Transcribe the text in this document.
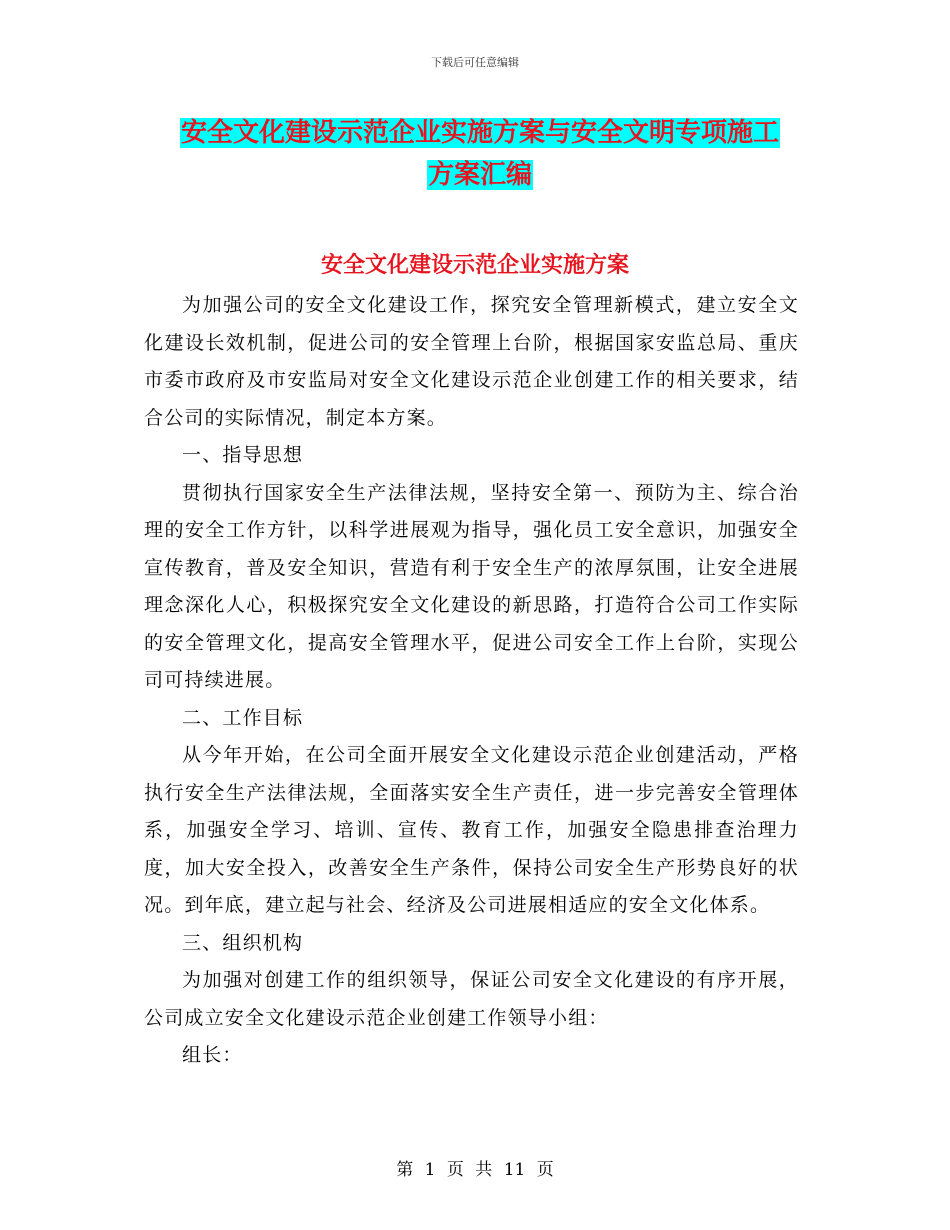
下载后可任意编辑
安全文化建设示范企业实施方案与安全文明专项施工
方案汇编
安全文化建设示范企业实施方案

为加强公司的安全文化建设工作，探究安全管理新模式，建立安全文化建设长效机制，促进公司的安全管理上台阶，根据国家安监总局、重庆市委市政府及市安监局对安全文化建设示范企业创建工作的相关要求，结合公司的实际情况，制定本方案。

一、指导思想

贯彻执行国家安全生产法律法规，坚持安全第一、预防为主、综合治理的安全工作方针，以科学进展观为指导，强化员工安全意识，加强安全宣传教育，普及安全知识，营造有利于安全生产的浓厚氛围，让安全进展理念深化人心，积极探究安全文化建设的新思路，打造符合公司工作实际的安全管理文化，提高安全管理水平，促进公司安全工作上台阶，实现公司可持续进展。

二、工作目标

从今年开始，在公司全面开展安全文化建设示范企业创建活动，严格执行安全生产法律法规，全面落实安全生产责任，进一步完善安全管理体系，加强安全学习、培训、宣传、教育工作，加强安全隐患排查治理力度，加大安全投入，改善安全生产条件，保持公司安全生产形势良好的状况。到年底，建立起与社会、经济及公司进展相适应的安全文化体系。

三、组织机构

为加强对创建工作的组织领导，保证公司安全文化建设的有序开展，公司成立安全文化建设示范企业创建工作领导小组：

组长：

第 1 页 共 11 页
